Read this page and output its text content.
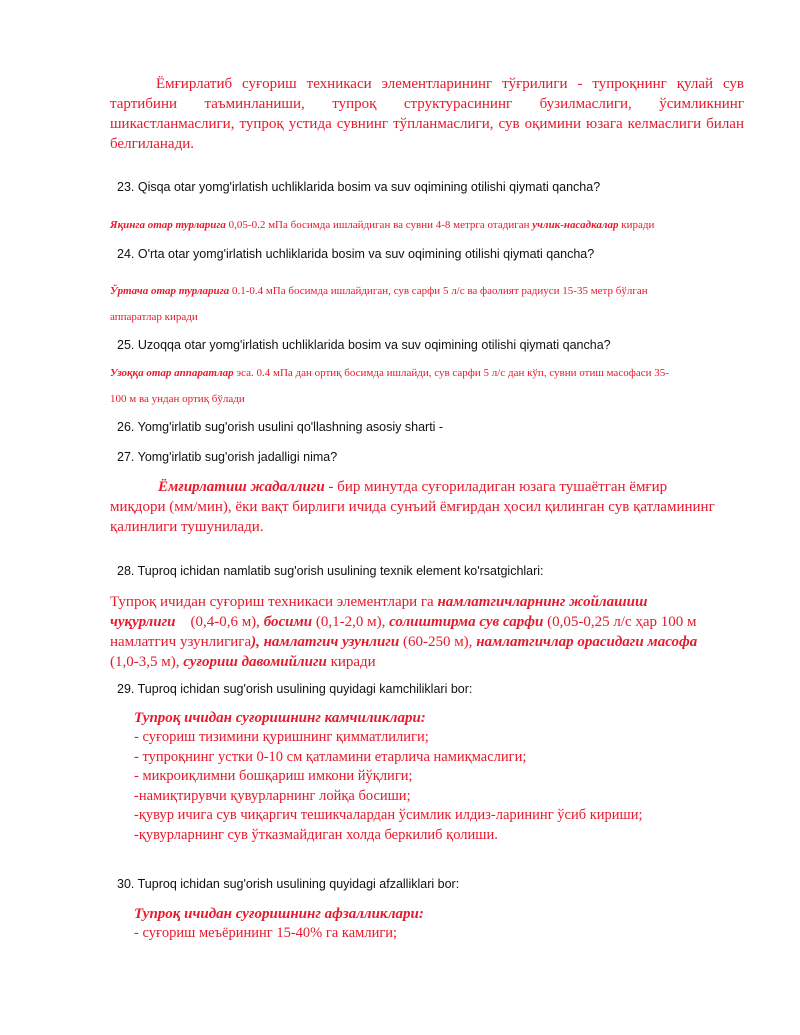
Ёмғирлатиб суғориш техникаси элементларининг тўғрилиги - тупроқнинг қулай сув тартибини таъминланиши, тупроқ структурасининг бузилмаслиги, ўсимликнинг шикастланмаслиги, тупроқ устида сувнинг тўпланмаслиги, сув оқимини юзага келмаслиги билан белгиланади.
23. Qisqa otar yomg'irlatish uchliklarida bosim va suv oqimining otilishi qiymati qancha?
Яқинга отар турларига 0,05-0.2 мПа босимда ишлайдиган ва сувни 4-8 метрга отадиган учлик-насадкалар киради
24. O'rta otar yomg'irlatish uchliklarida bosim va suv oqimining otilishi qiymati qancha?
Ўртача отар турларига 0.1-0.4 мПа босимда ишлайдиган, сув сарфи 5 л/с ва фаолият радиуси 15-35 метр бўлган
аппаратлар киради
25. Uzoqqa otar yomg'irlatish uchliklarida bosim va suv oqimining otilishi qiymati qancha?
Узоққа отар аппаратлар эса. 0.4 мПа дан ортиқ босимда ишлайди, сув сарфи 5 л/с дан кўп, сувни отиш масофаси 35-
100 м ва ундан ортиқ бўлади
26. Yomg'irlatib sug'orish usulini qo'llashning asosiy sharti -
27. Yomg'irlatib sug'orish jadalligi nima?
Ёмғирлатиш жадаллиги - бир минутда суғориладиган юзага тушаётган ёмғир
миқдори (мм/мин), ёки вақт бирлиги ичида сунъий ёмғирдан ҳосил қилинган сув қатламининг
қалинлиги тушунилади.
28. Tuproq ichidan namlatib sug'orish usulining texnik element ko'rsatgichlari:
Тупроқ ичидан суғориш техникаси элементлари га намлатгичларнинг жойлашиш
чуқурлиги    (0,4-0,6 м), босими (0,1-2,0 м), солиштирма сув сарфи (0,05-0,25 л/с ҳар 100 м
намлатгич узунлигига), намлатгич узунлиги (60-250 м), намлатгичлар орасидаги масофа
(1,0-3,5 м), суғориш давомийлиги киради
29. Tuproq ichidan sug'orish usulining quyidagi kamchiliklari bor:
Тупроқ ичидан суғоришнинг камчиликлари:
- суғориш тизимини қуришнинг қимматлилиги;
- тупроқнинг устки 0-10 см қатламини етарлича намиқмаслиги;
- микроиқлимни бошқариш имкони йўқлиги;
-намиқтирувчи қувурларнинг лойқа босиши;
-қувур ичига сув чиқаргич тешикчалардан ўсимлик илдиз-ларининг ўсиб кириши;
-қувурларнинг сув ўтказмайдиган холда беркилиб қолиши.
30. Tuproq ichidan sug'orish usulining quyidagi afzalliklari bor:
Тупроқ ичидан суғоришнинг афзалликлари:
- суғориш меъёрининг 15-40% га камлиги;
